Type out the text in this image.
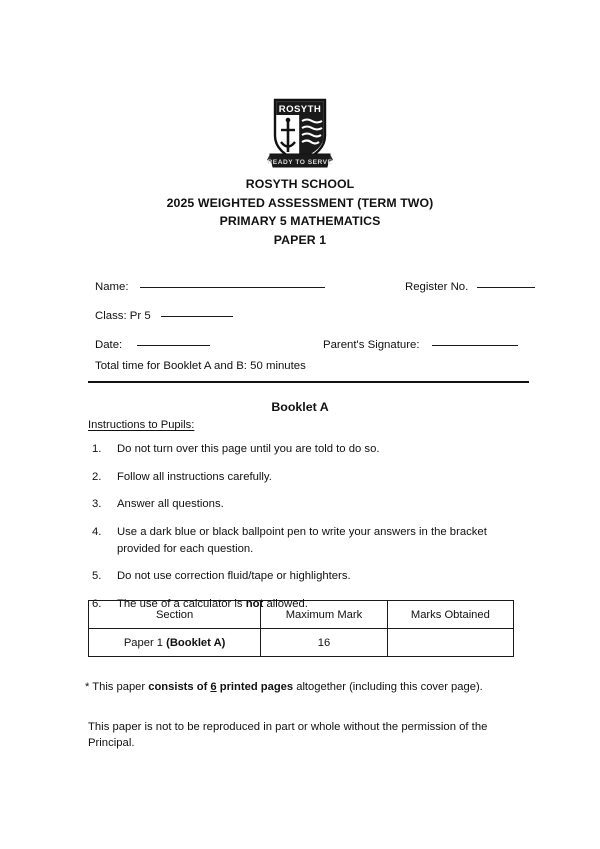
ROSYTH
READY TO SERVE
ROSYTH SCHOOL
2025 WEIGHTED ASSESSMENT (TERM TWO)
PRIMARY 5 MATHEMATICS
PAPER 1
Name:	Register No.
Class: Pr 5
Date:	Parent's Signature:
Total time for Booklet A and B: 50 minutes
Booklet A
Instructions to Pupils:
1.	Do not turn over this page until you are told to do so.
2.	Follow all instructions carefully.
3.	Answer all questions.
4.	Use a dark blue or black ballpoint pen to write your answers in the bracket
provided for each question.
5.	Do not use correction fluid/tape or highlighters.
6.	The use of a calculator is not allowed.
Section	Maximum Mark	Marks Obtained
Paper 1 (Booklet A)	16	
* This paper consists of 6 printed pages altogether (including this cover page).
This paper is not to be reproduced in part or whole without the permission of the Principal.
